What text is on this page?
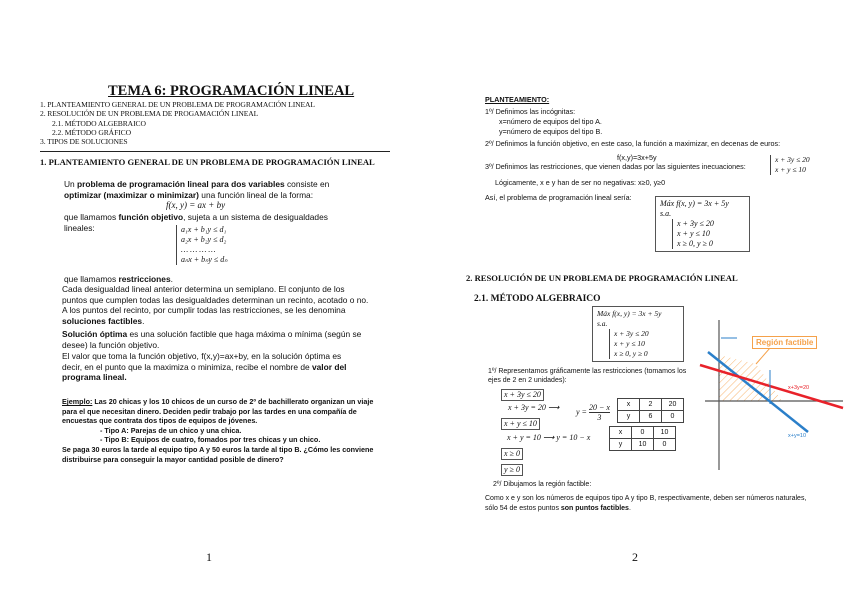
TEMA 6: PROGRAMACIÓN LINEAL
1. PLANTEAMIENTO GENERAL DE UN PROBLEMA DE PROGRAMACIÓN LINEAL
2. RESOLUCIÓN DE UN PROBLEMA DE PROGAMACIÓN LINEAL
2.1. MÉTODO ALGEBRAICO
2.2. MÉTODO GRÁFICO
3. TIPOS DE SOLUCIONES
1. PLANTEAMIENTO GENERAL DE UN PROBLEMA DE PROGRAMACIÓN LINEAL
Un problema de programación lineal para dos variables consiste en optimizar (maximizar o minimizar) una función lineal de la forma:
f(x, y) = ax + by
que llamamos función objetivo, sujeta a un sistema de desigualdades lineales:	a₁x + b₁y ≤ d₁
a₂x + b₂y ≤ d₂
… … … …
aₙx + bₙy ≤ dₙ
que llamamos restricciones.
Cada desigualdad lineal anterior determina un semiplano. El conjunto de los puntos que cumplen todas las desigualdades determinan un recinto, acotado o no. A los puntos del recinto, por cumplir todas las restricciones, se les denomina soluciones factibles.
Solución óptima es una solución factible que haga máxima o mínima (según se desee) la función objetivo.
El valor que toma la función objetivo, f(x,y)=ax+by, en la solución óptima es decir, en el punto que la maximiza o minimiza, recibe el nombre de valor del programa lineal.
Ejemplo: Las 20 chicas y los 10 chicos de un curso de 2º de bachillerato organizan un viaje para el que necesitan dinero. Deciden pedir trabajo por las tardes en una compañía de encuestas que contrata dos tipos de equipos de jóvenes.
- Tipo A: Parejas de un chico y una chica.
- Tipo B: Equipos de cuatro, fomados por tres chicas y un chico.
Se paga 30 euros la tarde al equipo tipo A y 50 euros la tarde al tipo B. ¿Cómo les conviene distribuirse para conseguir la mayor cantidad posible de dinero?
1
PLANTEAMIENTO:
1º/ Definimos las incógnitas:
x=número de equipos del tipo A.
y=número de equipos del tipo B.
2º/ Definimos la función objetivo, en este caso, la función a maximizar, en decenas de euros:
f(x,y)=3x+5y
3º/ Definimos las restricciones, que vienen dadas por las siguientes inecuaciones:
x + 3y ≤ 20
x + y ≤ 10
Lógicamente, x e y han de ser no negativas: x≥0, y≥0
Así, el problema de programación lineal sería:
Máx f(x, y) = 3x + 5y
s.a.
x + 3y ≤ 20
x + y ≤ 10
x ≥ 0, y ≥ 0
2. RESOLUCIÓN DE UN PROBLEMA DE PROGRAMACIÓN LINEAL
2.1. MÉTODO ALGEBRAICO
Máx f(x, y) = 3x + 5y
s.a.
x + 3y ≤ 20
x + y ≤ 10
x ≥ 0, y ≥ 0
1º/ Representamos gráficamente las restricciones (tomamos los ejes de 2 en 2 unidades):
x + 3y ≤ 20
x + 3y = 20 ⟶ $y = \frac{20 - x}{3}$ x	2	20
y	6	0
x + y ≤ 10
x + y = 10 ⟶ y = 10 − x
x	0	10
y	10	0
x ≥ 0
y ≥ 0
2º/ Dibujamos la región factible:
Como x e y son los números de equipos tipo A y tipo B, respectivamente, deben ser números naturales, sólo 54 de estos puntos son puntos factibles.
Región factible
x+3y=20
x+y=10
2
